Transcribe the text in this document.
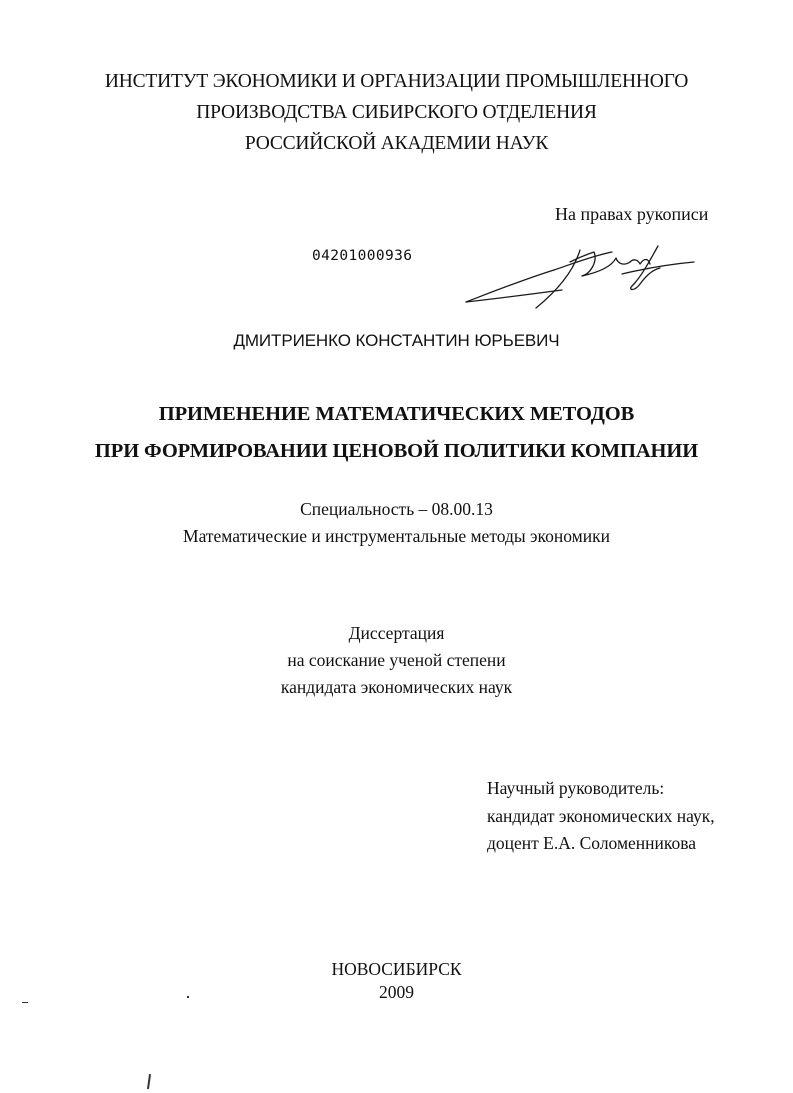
ИНСТИТУТ ЭКОНОМИКИ И ОРГАНИЗАЦИИ ПРОМЫШЛЕННОГО
ПРОИЗВОДСТВА СИБИРСКОГО ОТДЕЛЕНИЯ
РОССИЙСКОЙ АКАДЕМИИ НАУК
На правах рукописи
04201000936
ДМИТРИЕНКО КОНСТАНТИН ЮРЬЕВИЧ
ПРИМЕНЕНИЕ МАТЕМАТИЧЕСКИХ МЕТОДОВ
ПРИ ФОРМИРОВАНИИ ЦЕНОВОЙ ПОЛИТИКИ КОМПАНИИ
Специальность – 08.00.13
Математические и инструментальные методы экономики
Диссертация
на соискание ученой степени
кандидата экономических наук
Научный руководитель:
кандидат экономических наук,
доцент Е.А. Соломенникова
НОВОСИБИРСК
2009
